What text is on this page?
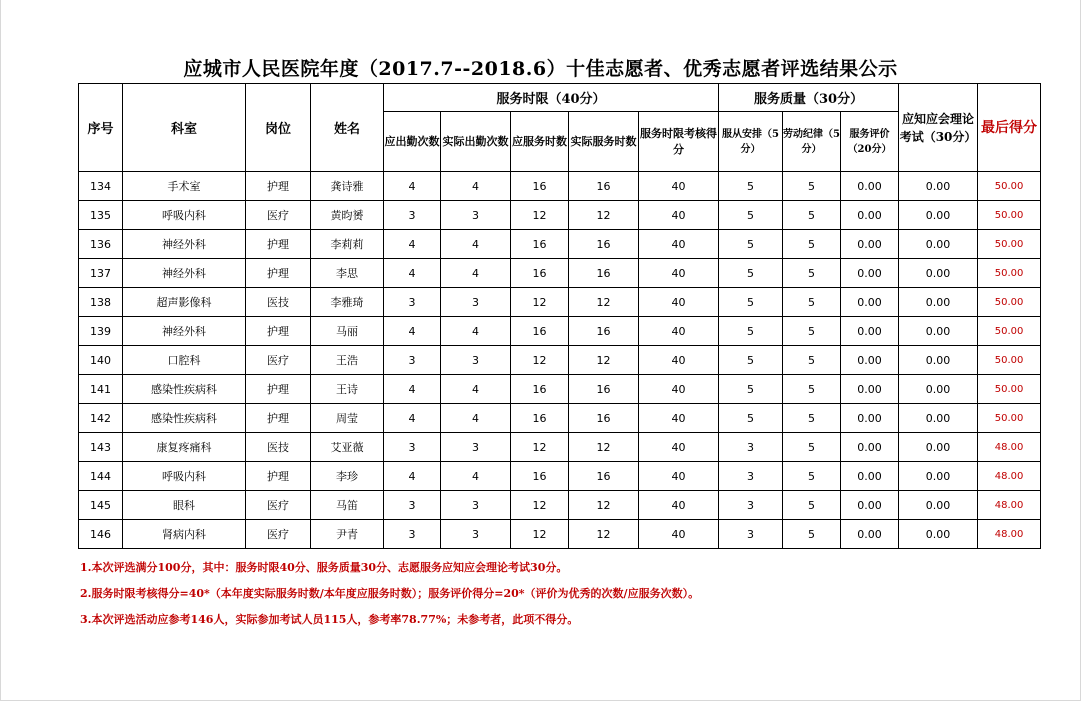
应城市人民医院年度（2017.7--2018.6）十佳志愿者、优秀志愿者评选结果公示
序号	科室	岗位	姓名	服务时限（40分）					服务质量（30分）			应知应会理论考试（30分）	最后得分
				应出勤次数	实际出勤次数	应服务时数	实际服务时数	服务时限考核得分	服从安排（5分）	劳动纪律（5分）	服务评价（20分）		
134	手术室	护理	龚诗雅	4	4	16	16	40	5	5	0.00	0.00	50.00
135	呼吸内科	医疗	黄昀赟	3	3	12	12	40	5	5	0.00	0.00	50.00
136	神经外科	护理	李莉莉	4	4	16	16	40	5	5	0.00	0.00	50.00
137	神经外科	护理	李思	4	4	16	16	40	5	5	0.00	0.00	50.00
138	超声影像科	医技	李雅琦	3	3	12	12	40	5	5	0.00	0.00	50.00
139	神经外科	护理	马丽	4	4	16	16	40	5	5	0.00	0.00	50.00
140	口腔科	医疗	王浩	3	3	12	12	40	5	5	0.00	0.00	50.00
141	感染性疾病科	护理	王诗	4	4	16	16	40	5	5	0.00	0.00	50.00
142	感染性疾病科	护理	周莹	4	4	16	16	40	5	5	0.00	0.00	50.00
143	康复疼痛科	医技	艾亚薇	3	3	12	12	40	3	5	0.00	0.00	48.00
144	呼吸内科	护理	李珍	4	4	16	16	40	3	5	0.00	0.00	48.00
145	眼科	医疗	马笛	3	3	12	12	40	3	5	0.00	0.00	48.00
146	肾病内科	医疗	尹青	3	3	12	12	40	3	5	0.00	0.00	48.00
1.本次评选满分100分，其中：服务时限40分、服务质量30分、志愿服务应知应会理论考试30分。
2.服务时限考核得分=40*（本年度实际服务时数/本年度应服务时数）；服务评价得分=20*（评价为优秀的次数/应服务次数）。
3.本次评选活动应参考146人，实际参加考试人员115人，参考率78.77%；未参考者，此项不得分。
